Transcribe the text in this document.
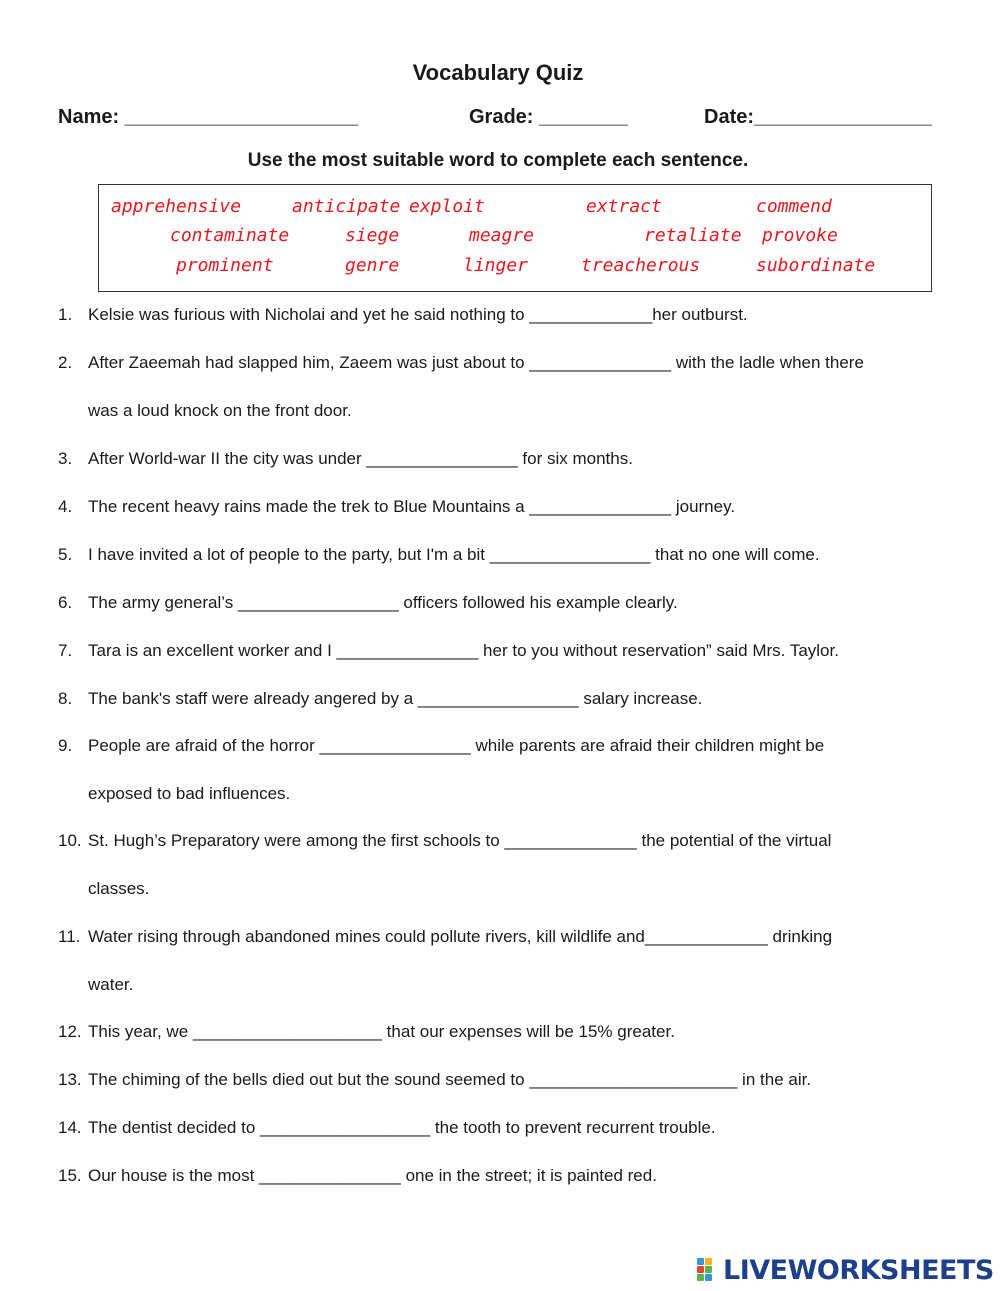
Vocabulary Quiz
Name: _____________________	Grade: ________	Date:________________
Use the most suitable word to complete each sentence.
apprehensive	anticipate exploit	extract	commend
contaminate	siege	meagre	retaliate provoke
prominent	genre	linger	treacherous	subordinate
1. Kelsie was furious with Nicholai and yet he said nothing to _____________her outburst.
2. After Zaeemah had slapped him, Zaeem was just about to _______________ with the ladle when there
was a loud knock on the front door.
3. After World-war II the city was under ________________ for six months.
4. The recent heavy rains made the trek to Blue Mountains a _______________ journey.
5. I have invited a lot of people to the party, but I'm a bit _________________ that no one will come.
6. The army general’s _________________ officers followed his example clearly.
7. Tara is an excellent worker and I _______________ her to you without reservation” said Mrs. Taylor.
8. The bank's staff were already angered by a _________________ salary increase.
9. People are afraid of the horror ________________ while parents are afraid their children might be
exposed to bad influences.
10. St. Hugh’s Preparatory were among the first schools to ______________ the potential of the virtual
classes.
11. Water rising through abandoned mines could pollute rivers, kill wildlife and_____________ drinking
water.
12. This year, we ____________________ that our expenses will be 15% greater.
13. The chiming of the bells died out but the sound seemed to ______________________ in the air.
14. The dentist decided to __________________ the tooth to prevent recurrent trouble.
15. Our house is the most _______________ one in the street; it is painted red.
LIVEWORKSHEETS
